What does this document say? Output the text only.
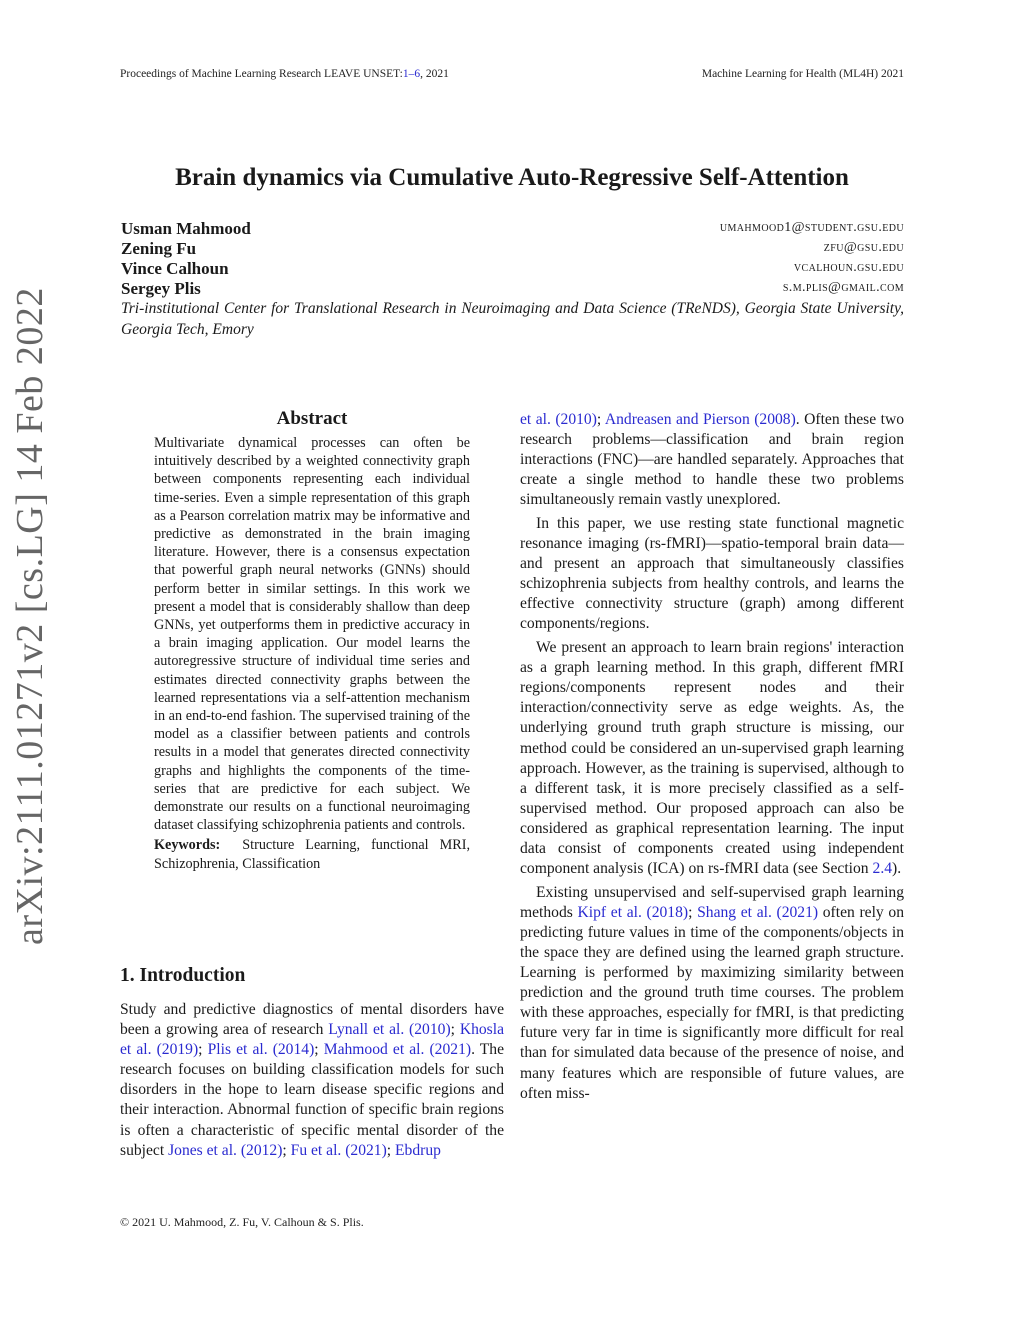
Proceedings of Machine Learning Research LEAVE UNSET:1–6, 2021	Machine Learning for Health (ML4H) 2021
Brain dynamics via Cumulative Auto-Regressive Self-Attention
Usman Mahmood	umahmood1@student.gsu.edu
Zening Fu	zfu@gsu.edu
Vince Calhoun	vcalhoun.gsu.edu
Sergey Plis	s.m.plis@gmail.com
Tri-institutional Center for Translational Research in Neuroimaging and Data Science (TReNDS), Georgia State University, Georgia Tech, Emory
arXiv:2111.01271v2 [cs.LG] 14 Feb 2022	Abstract

Multivariate dynamical processes can often be intuitively described by a weighted connectivity graph between components representing each individual time-series. Even a simple representation of this graph as a Pearson correlation matrix may be informative and predictive as demonstrated in the brain imaging literature. However, there is a consensus expectation that powerful graph neural networks (GNNs) should perform better in similar settings. In this work we present a model that is considerably shallow than deep GNNs, yet outperforms them in predictive accuracy in a brain imaging application. Our model learns the autoregressive structure of individual time series and estimates directed connectivity graphs between the learned representations via a self-attention mechanism in an end-to-end fashion. The supervised training of the model as a classifier between patients and controls results in a model that generates directed connectivity graphs and highlights the components of the time-series that are predictive for each subject. We demonstrate our results on a functional neuroimaging dataset classifying schizophrenia patients and controls.

Keywords: Structure Learning, functional MRI, Schizophrenia, Classification

1. Introduction

Study and predictive diagnostics of mental disorders have been a growing area of research Lynall et al. (2010); Khosla et al. (2019); Plis et al. (2014); Mahmood et al. (2021). The research focuses on building classification models for such disorders in the hope to learn disease specific regions and their interaction. Abnormal function of specific brain regions is often a characteristic of specific mental disorder of the subject Jones et al. (2012); Fu et al. (2021); Ebdrup

et al. (2010); Andreasen and Pierson (2008). Often these two research problems—classification and brain region interactions (FNC)—are handled separately. Approaches that create a single method to handle these two problems simultaneously remain vastly unexplored.

In this paper, we use resting state functional magnetic resonance imaging (rs-fMRI)—spatio-temporal brain data—and present an approach that simultaneously classifies schizophrenia subjects from healthy controls, and learns the effective connectivity structure (graph) among different components/regions.

We present an approach to learn brain regions' interaction as a graph learning method. In this graph, different fMRI regions/components represent nodes and their interaction/connectivity serve as edge weights. As, the underlying ground truth graph structure is missing, our method could be considered an un-supervised graph learning approach. However, as the training is supervised, although to a different task, it is more precisely classified as a self-supervised method. Our proposed approach can also be considered as graphical representation learning. The input data consist of components created using independent component analysis (ICA) on rs-fMRI data (see Section 2.4).

Existing unsupervised and self-supervised graph learning methods Kipf et al. (2018); Shang et al. (2021) often rely on predicting future values in time of the components/objects in the space they are defined using the learned graph structure. Learning is performed by maximizing similarity between prediction and the ground truth time courses. The problem with these approaches, especially for fMRI, is that predicting future very far in time is significantly more difficult for real than for simulated data because of the presence of noise, and many features which are responsible of future values, are often miss-

© 2021 U. Mahmood, Z. Fu, V. Calhoun & S. Plis.
